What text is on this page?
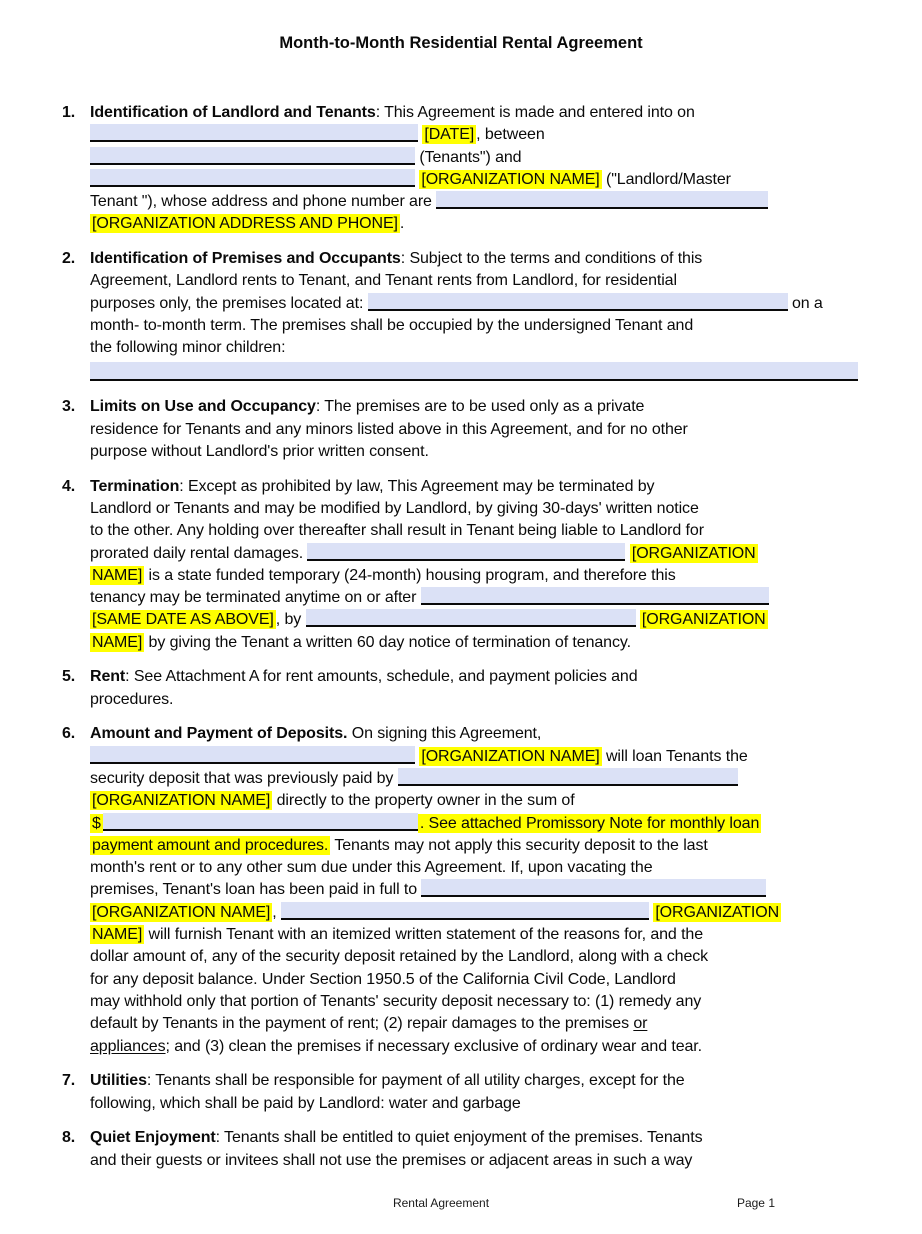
Month-to-Month Residential Rental Agreement
1. Identification of Landlord and Tenants: This Agreement is made and entered into on
[DATE] , between
(Tenants") and
[ORGANIZATION NAME] ("Landlord/Master
Tenant "), whose address and phone number are
[ORGANIZATION ADDRESS AND PHONE] .
2. Identification of Premises and Occupants: Subject to the terms and conditions of this
Agreement, Landlord rents to Tenant, and Tenant rents from Landlord, for residential
purposes only, the premises located at:	on a
month- to-month term. The premises shall be occupied by the undersigned Tenant and
the following minor children:
3. Limits on Use and Occupancy: The premises are to be used only as a private
residence for Tenants and any minors listed above in this Agreement, and for no other
purpose without Landlord's prior written consent.
4. Termination: Except as prohibited by law, This Agreement may be terminated by
Landlord or Tenants and may be modified by Landlord, by giving 30-days' written notice
to the other. Any holding over thereafter shall result in Tenant being liable to Landlord for
prorated daily rental damages.	[ORGANIZATION
NAME] is a state funded temporary (24-month) housing program, and therefore this
tenancy may be terminated anytime on or after
[SAME DATE AS ABOVE] , by	[ORGANIZATION
NAME] by giving the Tenant a written 60 day notice of termination of tenancy.
5. Rent: See Attachment A for rent amounts, schedule, and payment policies and
procedures.
6. Amount and Payment of Deposits. On signing this Agreement,
[ORGANIZATION NAME] will loan Tenants the
security deposit that was previously paid by
[ORGANIZATION NAME] directly to the property owner in the sum of
$	. See attached Promissory Note for monthly loan
payment amount and procedures. Tenants may not apply this security deposit to the last
month's rent or to any other sum due under this Agreement. If, upon vacating the
premises, Tenant's loan has been paid in full to
[ORGANIZATION NAME] ,	[ORGANIZATION
NAME] will furnish Tenant with an itemized written statement of the reasons for, and the
dollar amount of, any of the security deposit retained by the Landlord, along with a check
for any deposit balance. Under Section 1950.5 of the California Civil Code, Landlord
may withhold only that portion of Tenants' security deposit necessary to: (1) remedy any
default by Tenants in the payment of rent; (2) repair damages to the premises or
appliances; and (3) clean the premises if necessary exclusive of ordinary wear and tear.
7. Utilities: Tenants shall be responsible for payment of all utility charges, except for the
following, which shall be paid by Landlord: water and garbage
8. Quiet Enjoyment: Tenants shall be entitled to quiet enjoyment of the premises. Tenants
and their guests or invitees shall not use the premises or adjacent areas in such a way
Rental Agreement	Page 1
